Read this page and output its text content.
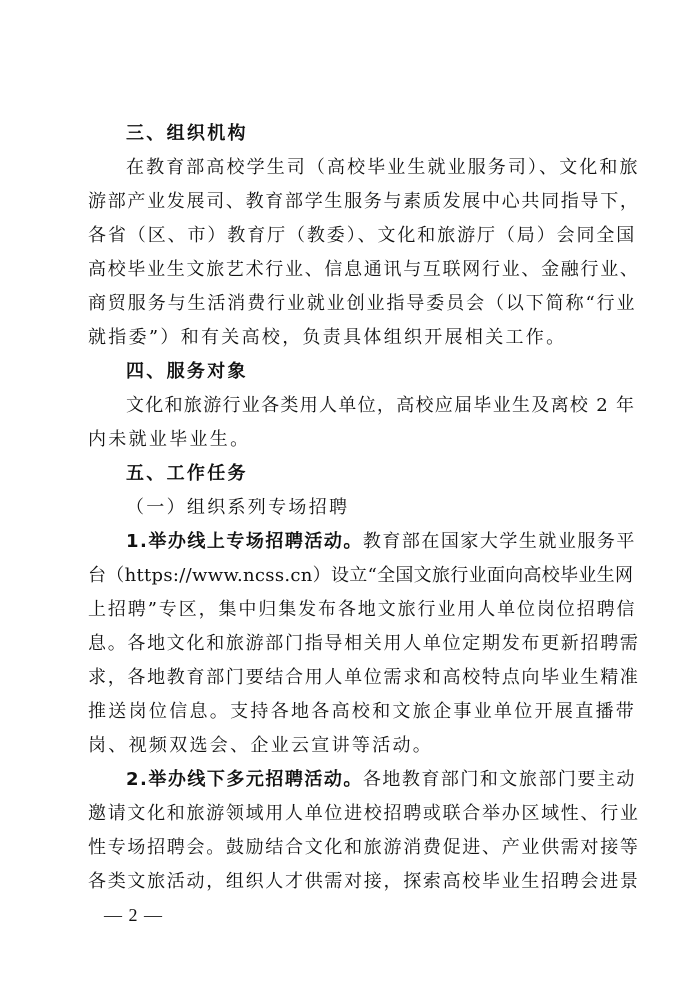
三、组织机构
在教育部高校学生司（高校毕业生就业服务司）、文化和旅
游部产业发展司、教育部学生服务与素质发展中心共同指导下，
各省（区、市）教育厅（教委）、文化和旅游厅（局）会同全国
高校毕业生文旅艺术行业、信息通讯与互联网行业、金融行业、
商贸服务与生活消费行业就业创业指导委员会（以下简称“行业
就指委”）和有关高校，负责具体组织开展相关工作。
四、服务对象
文化和旅游行业各类用人单位，高校应届毕业生及离校 2 年
内未就业毕业生。
五、工作任务
（一）组织系列专场招聘
1.举办线上专场招聘活动。教育部在国家大学生就业服务平
台（https://www.ncss.cn）设立“全国文旅行业面向高校毕业生网
上招聘”专区，集中归集发布各地文旅行业用人单位岗位招聘信
息。各地文化和旅游部门指导相关用人单位定期发布更新招聘需
求，各地教育部门要结合用人单位需求和高校特点向毕业生精准
推送岗位信息。支持各地各高校和文旅企事业单位开展直播带
岗、视频双选会、企业云宣讲等活动。
2.举办线下多元招聘活动。各地教育部门和文旅部门要主动
邀请文化和旅游领域用人单位进校招聘或联合举办区域性、行业
性专场招聘会。鼓励结合文化和旅游消费促进、产业供需对接等
各类文旅活动，组织人才供需对接，探索高校毕业生招聘会进景
— 2 —
